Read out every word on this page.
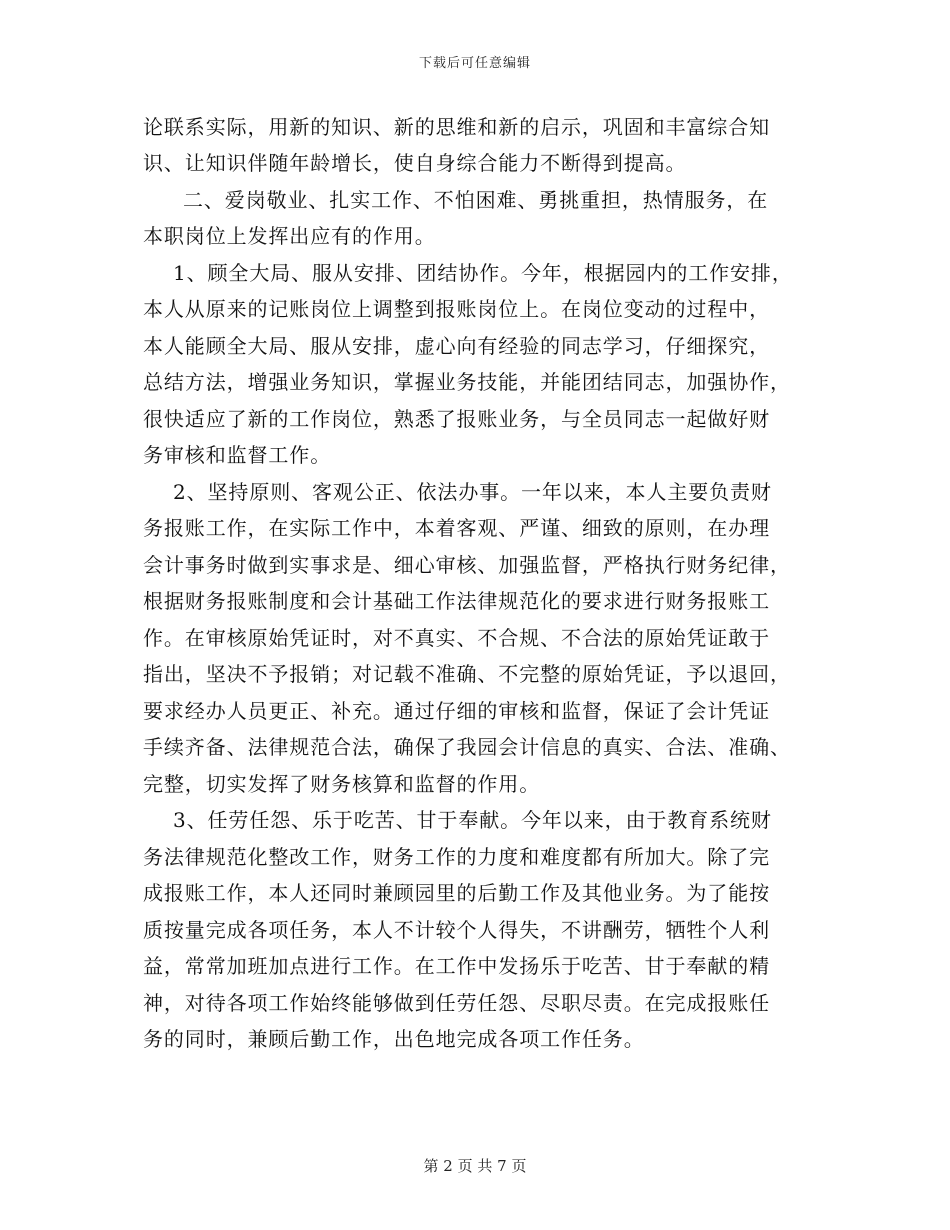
下载后可任意编辑
论联系实际，用新的知识、新的思维和新的启示，巩固和丰富综合知
识、让知识伴随年龄增长，使自身综合能力不断得到提高。
二、爱岗敬业、扎实工作、不怕困难、勇挑重担，热情服务，在
本职岗位上发挥出应有的作用。
1、顾全大局、服从安排、团结协作。今年，根据园内的工作安排，
本人从原来的记账岗位上调整到报账岗位上。在岗位变动的过程中，
本人能顾全大局、服从安排，虚心向有经验的同志学习，仔细探究，
总结方法，增强业务知识，掌握业务技能，并能团结同志，加强协作，
很快适应了新的工作岗位，熟悉了报账业务，与全员同志一起做好财
务审核和监督工作。
2、坚持原则、客观公正、依法办事。一年以来，本人主要负责财
务报账工作，在实际工作中，本着客观、严谨、细致的原则，在办理
会计事务时做到实事求是、细心审核、加强监督，严格执行财务纪律，
根据财务报账制度和会计基础工作法律规范化的要求进行财务报账工
作。在审核原始凭证时，对不真实、不合规、不合法的原始凭证敢于
指出，坚决不予报销；对记载不准确、不完整的原始凭证，予以退回，
要求经办人员更正、补充。通过仔细的审核和监督，保证了会计凭证
手续齐备、法律规范合法，确保了我园会计信息的真实、合法、准确、
完整，切实发挥了财务核算和监督的作用。
3、任劳任怨、乐于吃苦、甘于奉献。今年以来，由于教育系统财
务法律规范化整改工作，财务工作的力度和难度都有所加大。除了完
成报账工作，本人还同时兼顾园里的后勤工作及其他业务。为了能按
质按量完成各项任务，本人不计较个人得失，不讲酬劳，牺牲个人利
益，常常加班加点进行工作。在工作中发扬乐于吃苦、甘于奉献的精
神，对待各项工作始终能够做到任劳任怨、尽职尽责。在完成报账任
务的同时，兼顾后勤工作，出色地完成各项工作任务。
第 2 页 共 7 页
